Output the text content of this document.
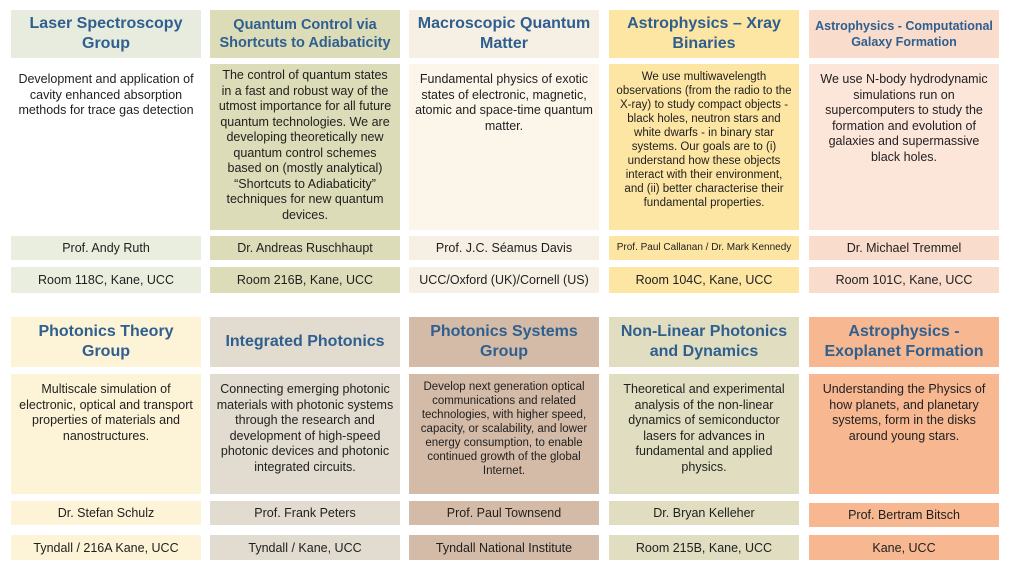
Laser Spectroscopy Group
Development and application of cavity enhanced absorption methods for trace gas detection
Prof. Andy Ruth
Room 118C, Kane, UCC
Quantum Control via Shortcuts to Adiabaticity
The control of quantum states in a fast and robust way of the utmost importance for all future quantum technologies. We are developing theoretically new quantum control schemes based on (mostly analytical) “Shortcuts to Adiabaticity” techniques for new quantum devices.
Dr. Andreas Ruschhaupt
Room 216B, Kane, UCC
Macroscopic Quantum Matter
Fundamental physics of exotic states of electronic, magnetic, atomic and space-time quantum matter.
Prof. J.C. Séamus Davis
UCC/Oxford (UK)/Cornell (US)
Astrophysics – Xray Binaries
We use multiwavelength observations (from the radio to the X-ray) to study compact objects - black holes, neutron stars and white dwarfs - in binary star systems. Our goals are to (i) understand how these objects interact with their environment, and (ii) better characterise their fundamental properties.
Prof. Paul Callanan / Dr. Mark Kennedy
Room 104C, Kane, UCC
Astrophysics - Computational Galaxy Formation
We use N-body hydrodynamic simulations run on supercomputers to study the formation and evolution of galaxies and supermassive black holes.
Dr. Michael Tremmel
Room 101C, Kane, UCC
Photonics Theory Group
Multiscale simulation of electronic, optical and transport properties of materials and nanostructures.
Dr. Stefan Schulz
Tyndall / 216A Kane, UCC
Integrated Photonics
Connecting emerging photonic materials with photonic systems through the research and development of high-speed photonic devices and photonic integrated circuits.
Prof. Frank Peters
Tyndall / Kane, UCC
Photonics Systems Group
Develop next generation optical communications and related technologies, with higher speed, capacity, or scalability, and lower energy consumption, to enable continued growth of the global Internet.
Prof. Paul Townsend
Tyndall National Institute
Non-Linear Photonics and Dynamics
Theoretical and experimental analysis of the non-linear dynamics of semiconductor lasers for advances in fundamental and applied physics.
Dr. Bryan Kelleher
Room 215B, Kane, UCC
Astrophysics - Exoplanet Formation
Understanding the Physics of how planets, and planetary systems, form in the disks around young stars.
Prof. Bertram Bitsch
Kane, UCC
